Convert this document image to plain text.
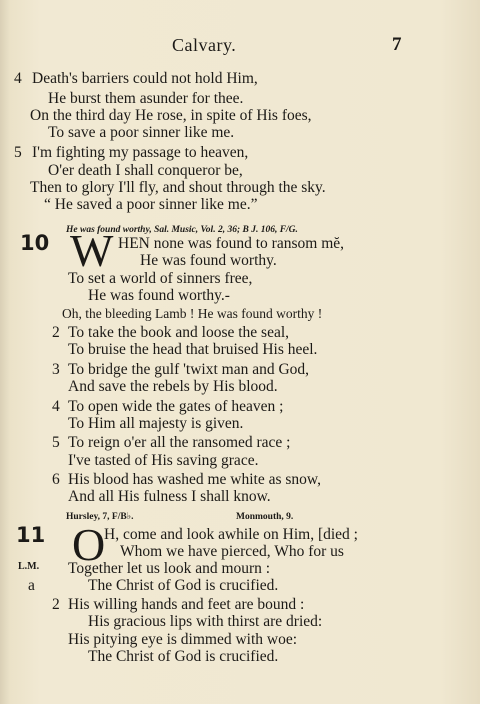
Calvary.	7
4 Death's barriers could not hold Him,
He burst them asunder for thee.
On the third day He rose, in spite of His foes,
To save a poor sinner like me.
5 I'm fighting my passage to heaven,
O'er death I shall conqueror be,
Then to glory I'll fly, and shout through the sky.
“ He saved a poor sinner like me.”
He was found worthy, Sal. Music, Vol. 2, 36; B J. 106, F/G.
10 W HEN none was found to ransom mĕ,
He was found worthy.
To set a world of sinners free,
He was found worthy.‑
Oh, the bleeding Lamb ! He was found worthy !
2 To take the book and loose the seal,
To bruise the head that bruised His heel.
3 To bridge the gulf 'twixt man and God,
And save the rebels by His blood.
4 To open wide the gates of heaven ;
To Him all majesty is given.
5 To reign o'er all the ransomed race ;
I've tasted of His saving grace.
6 His blood has washed me white as snow,
And all His fulness I shall know.
Hursley, 7, F/B♭.	Monmouth, 9.
11 O
H, come and look awhile on Him, [died ;
L.M.
Whom we have pierced, Who for us
Together let us look and mourn :
a	The Christ of God is crucified.
2 His willing hands and feet are bound :
His gracious lips with thirst are dried:
His pitying eye is dimmed with woe:
The Christ of God is crucified.
